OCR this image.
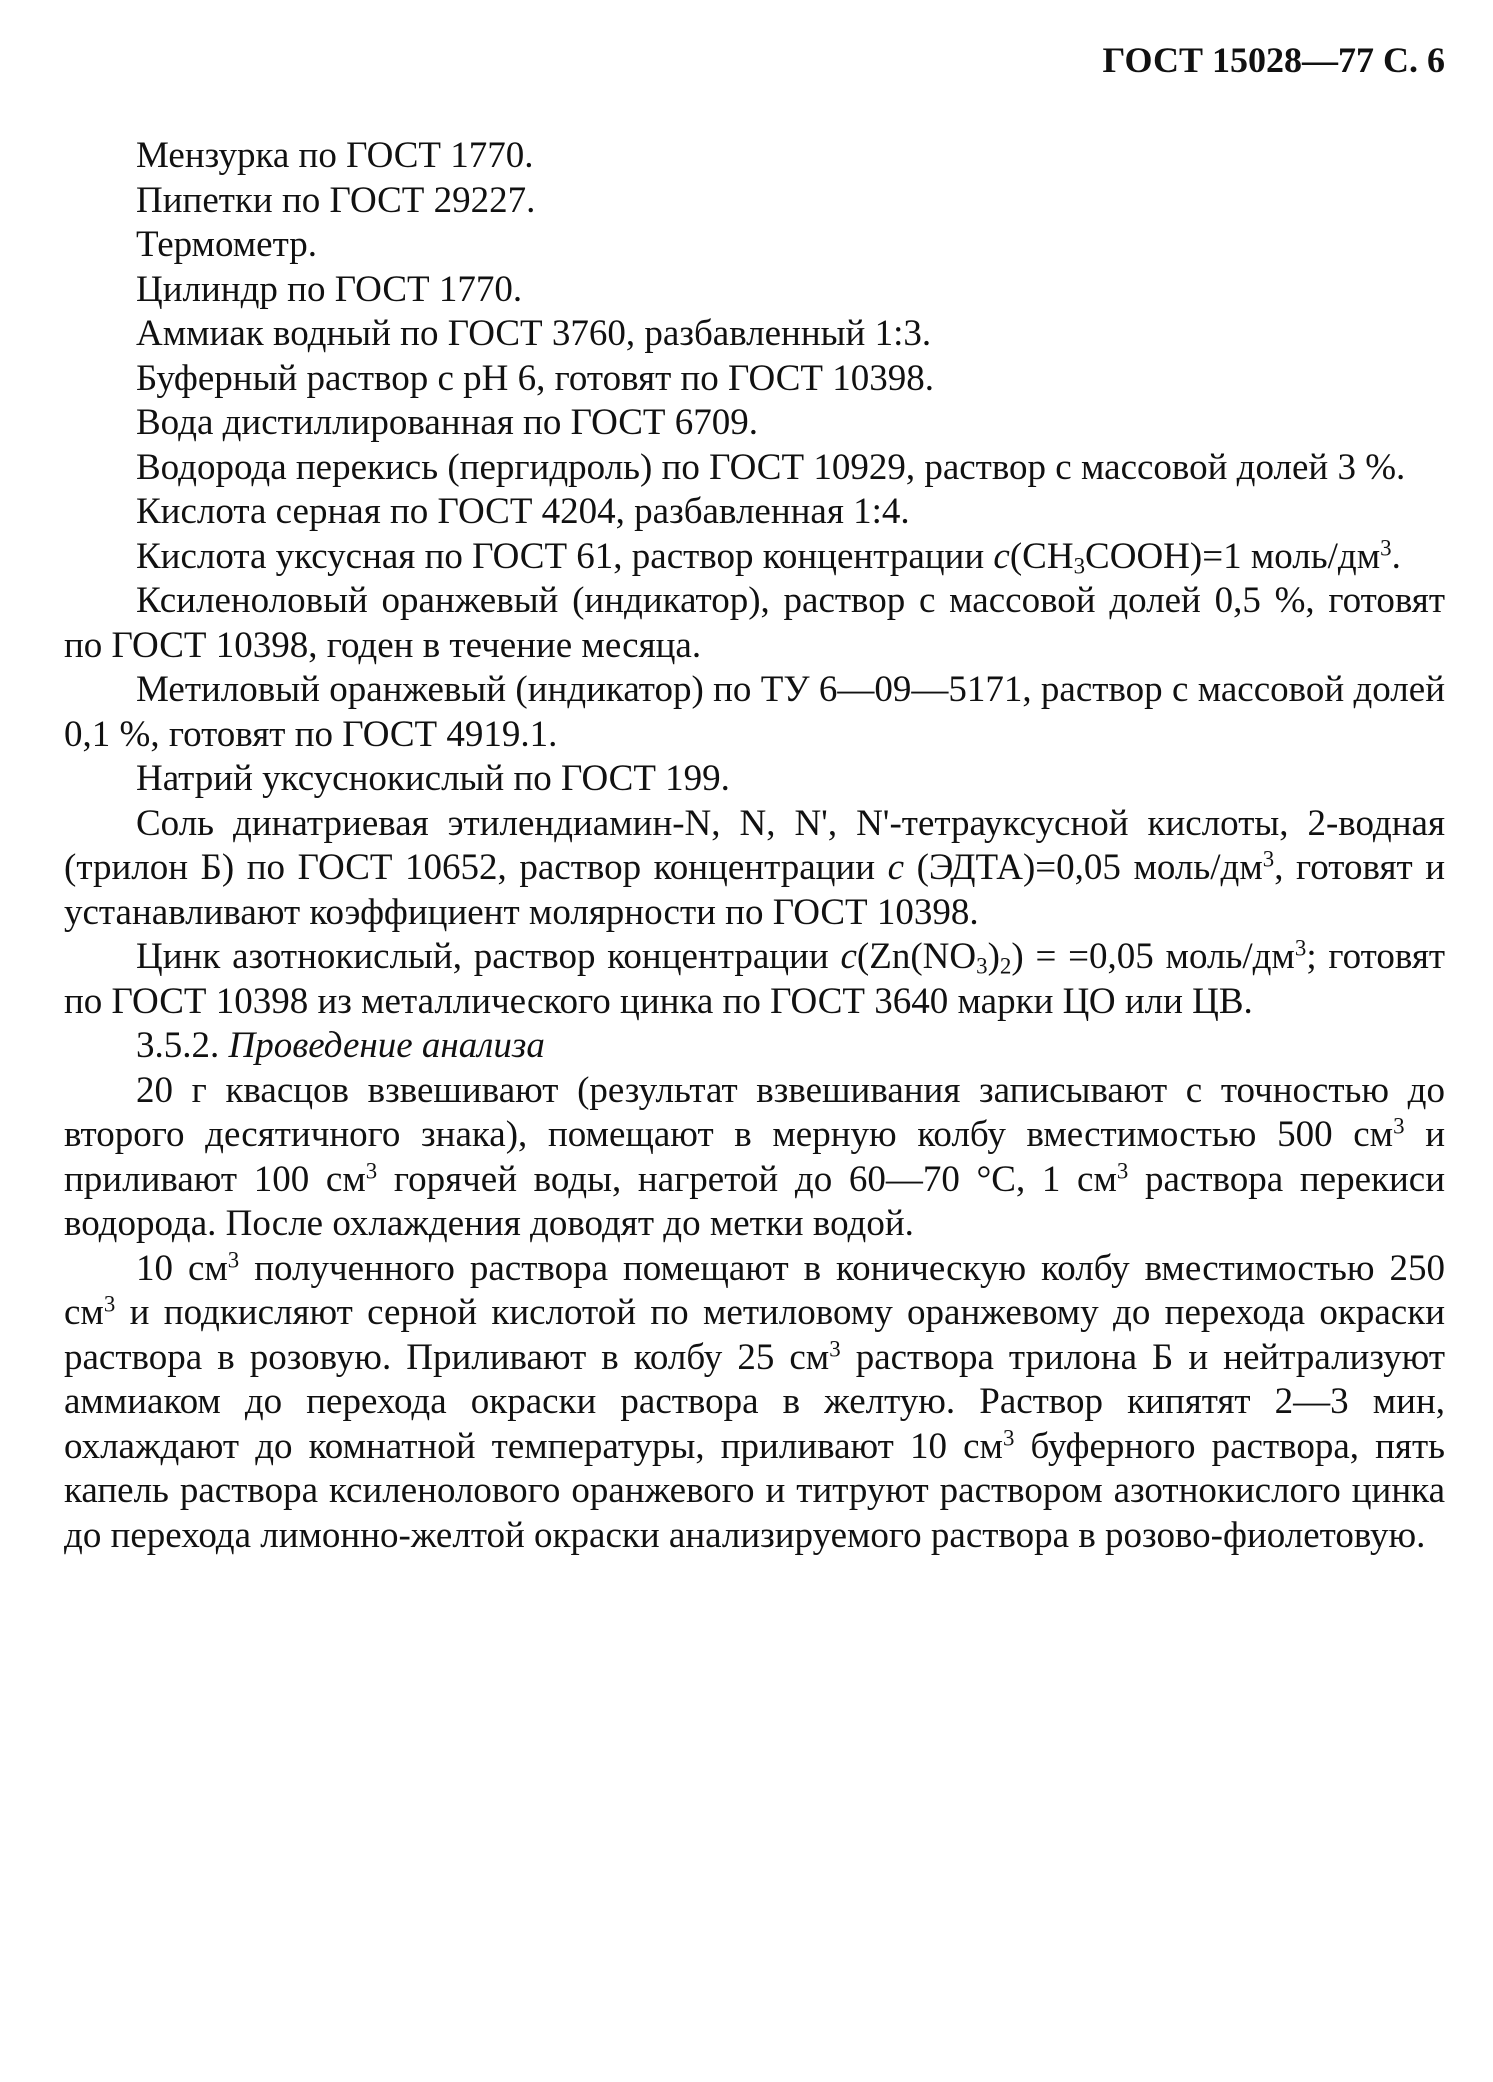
ГОСТ 15028—77 С. 6

Мензурка по ГОСТ 1770.

Пипетки по ГОСТ 29227.

Термометр.

Цилиндр по ГОСТ 1770.

Аммиак водный по ГОСТ 3760, разбавленный 1:3.

Буферный раствор с рН 6, готовят по ГОСТ 10398.

Вода дистиллированная по ГОСТ 6709.

Водорода перекись (пергидроль) по ГОСТ 10929, раствор с массовой долей 3 %.

Кислота серная по ГОСТ 4204, разбавленная 1:4.

Кислота уксусная по ГОСТ 61, раствор концентрации $с(CH_3COOH)=1$ моль/$дм^3$.

Ксиленоловый оранжевый (индикатор), раствор с массовой долей 0,5 %, готовят по ГОСТ 10398, годен в течение месяца.

Метиловый оранжевый (индикатор) по ТУ 6—09—5171, раствор с массовой долей 0,1 %, готовят по ГОСТ 4919.1.

Натрий уксуснокислый по ГОСТ 199.

Соль динатриевая этилендиамин-N, N, N', N'-тетрауксусной кислоты, 2-водная (трилон Б) по ГОСТ 10652, раствор концентрации с (ЭДТА)=0,05 моль/$дм^3$, готовят и устанавливают коэффициент молярности по ГОСТ 10398.

Цинк азотнокислый, раствор концентрации $с(Zn(NO_3)_2) = =0,05$ моль/$дм^3$; готовят по ГОСТ 10398 из металлического цинка по ГОСТ 3640 марки ЦО или ЦВ.

3.5.2. Проведение анализа

20 г квасцов взвешивают (результат взвешивания записывают с точностью до второго десятичного знака), помещают в мерную колбу вместимостью 500 $см^3$ и приливают 100 $см^3$ горячей воды, нагретой до 60—70 °С, 1 $см^3$ раствора перекиси водорода. После охлаждения доводят до метки водой.

10 $см^3$ полученного раствора помещают в коническую колбу вместимостью 250 $см^3$ и подкисляют серной кислотой по метиловому оранжевому до перехода окраски раствора в розовую. Приливают в колбу 25 $см^3$ раствора трилона Б и нейтрализуют аммиаком до перехода окраски раствора в желтую. Раствор кипятят 2—3 мин, охлаждают до комнатной температуры, приливают 10 $см^3$ буферного раствора, пять капель раствора ксиленолового оранжевого и титруют раствором азотнокислого цинка до перехода лимонно-желтой окраски анализируемого раствора в розово-фиолетовую.
